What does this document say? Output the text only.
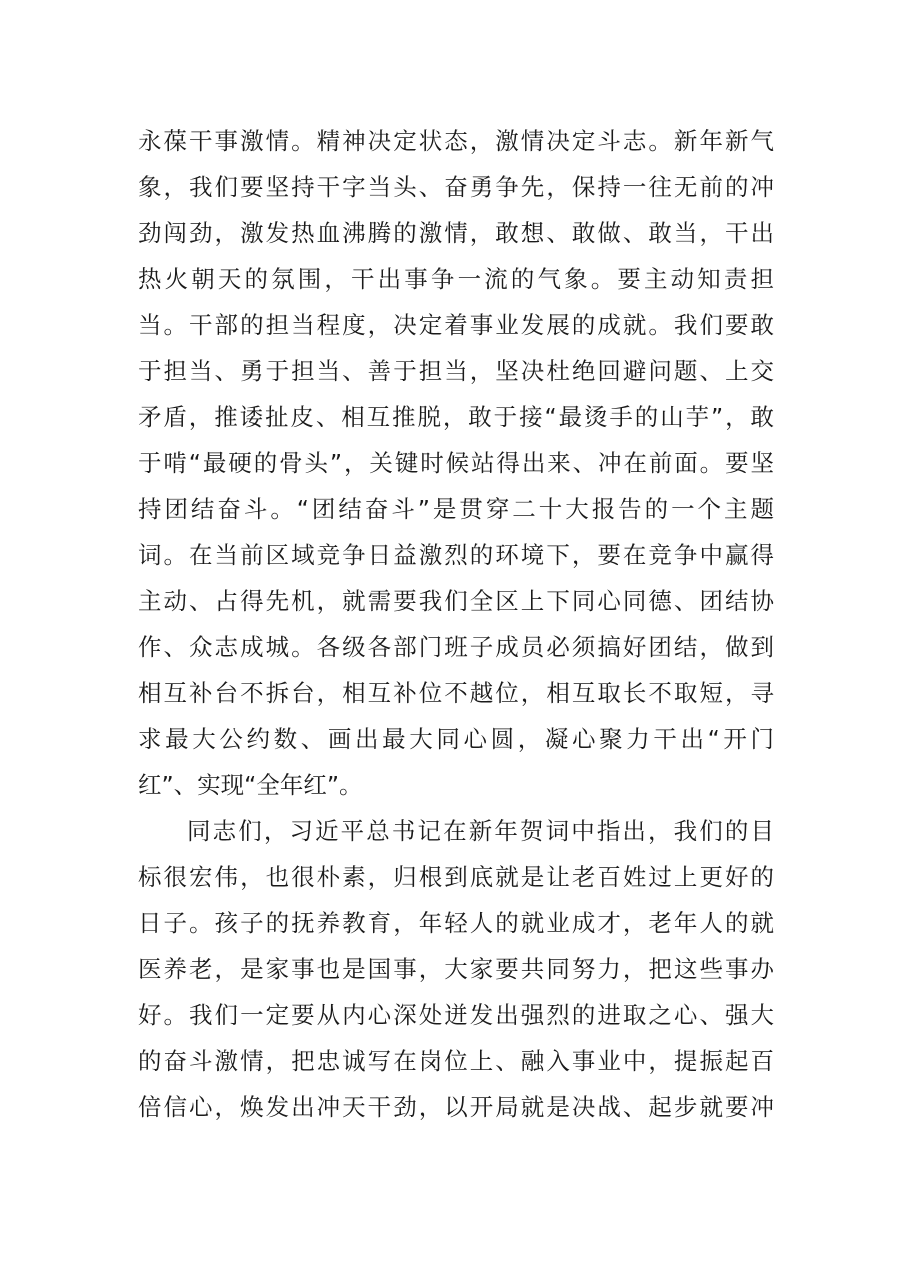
永葆干事激情。精神决定状态，激情决定斗志。新年新气
象，我们要坚持干字当头、奋勇争先，保持一往无前的冲
劲闯劲，激发热血沸腾的激情，敢想、敢做、敢当，干出
热火朝天的氛围，干出事争一流的气象。要主动知责担
当。干部的担当程度，决定着事业发展的成就。我们要敢
于担当、勇于担当、善于担当，坚决杜绝回避问题、上交
矛盾，推诿扯皮、相互推脱，敢于接“最烫手的山芋”，敢
于啃“最硬的骨头”，关键时候站得出来、冲在前面。要坚
持团结奋斗。“团结奋斗”是贯穿二十大报告的一个主题
词。在当前区域竞争日益激烈的环境下，要在竞争中赢得
主动、占得先机，就需要我们全区上下同心同德、团结协
作、众志成城。各级各部门班子成员必须搞好团结，做到
相互补台不拆台，相互补位不越位，相互取长不取短，寻
求最大公约数、画出最大同心圆，凝心聚力干出“开门
红”、实现“全年红”。
同志们，习近平总书记在新年贺词中指出，我们的目
标很宏伟，也很朴素，归根到底就是让老百姓过上更好的
日子。孩子的抚养教育，年轻人的就业成才，老年人的就
医养老，是家事也是国事，大家要共同努力，把这些事办
好。我们一定要从内心深处迸发出强烈的进取之心、强大
的奋斗激情，把忠诚写在岗位上、融入事业中，提振起百
倍信心，焕发出冲天干劲，以开局就是决战、起步就要冲
